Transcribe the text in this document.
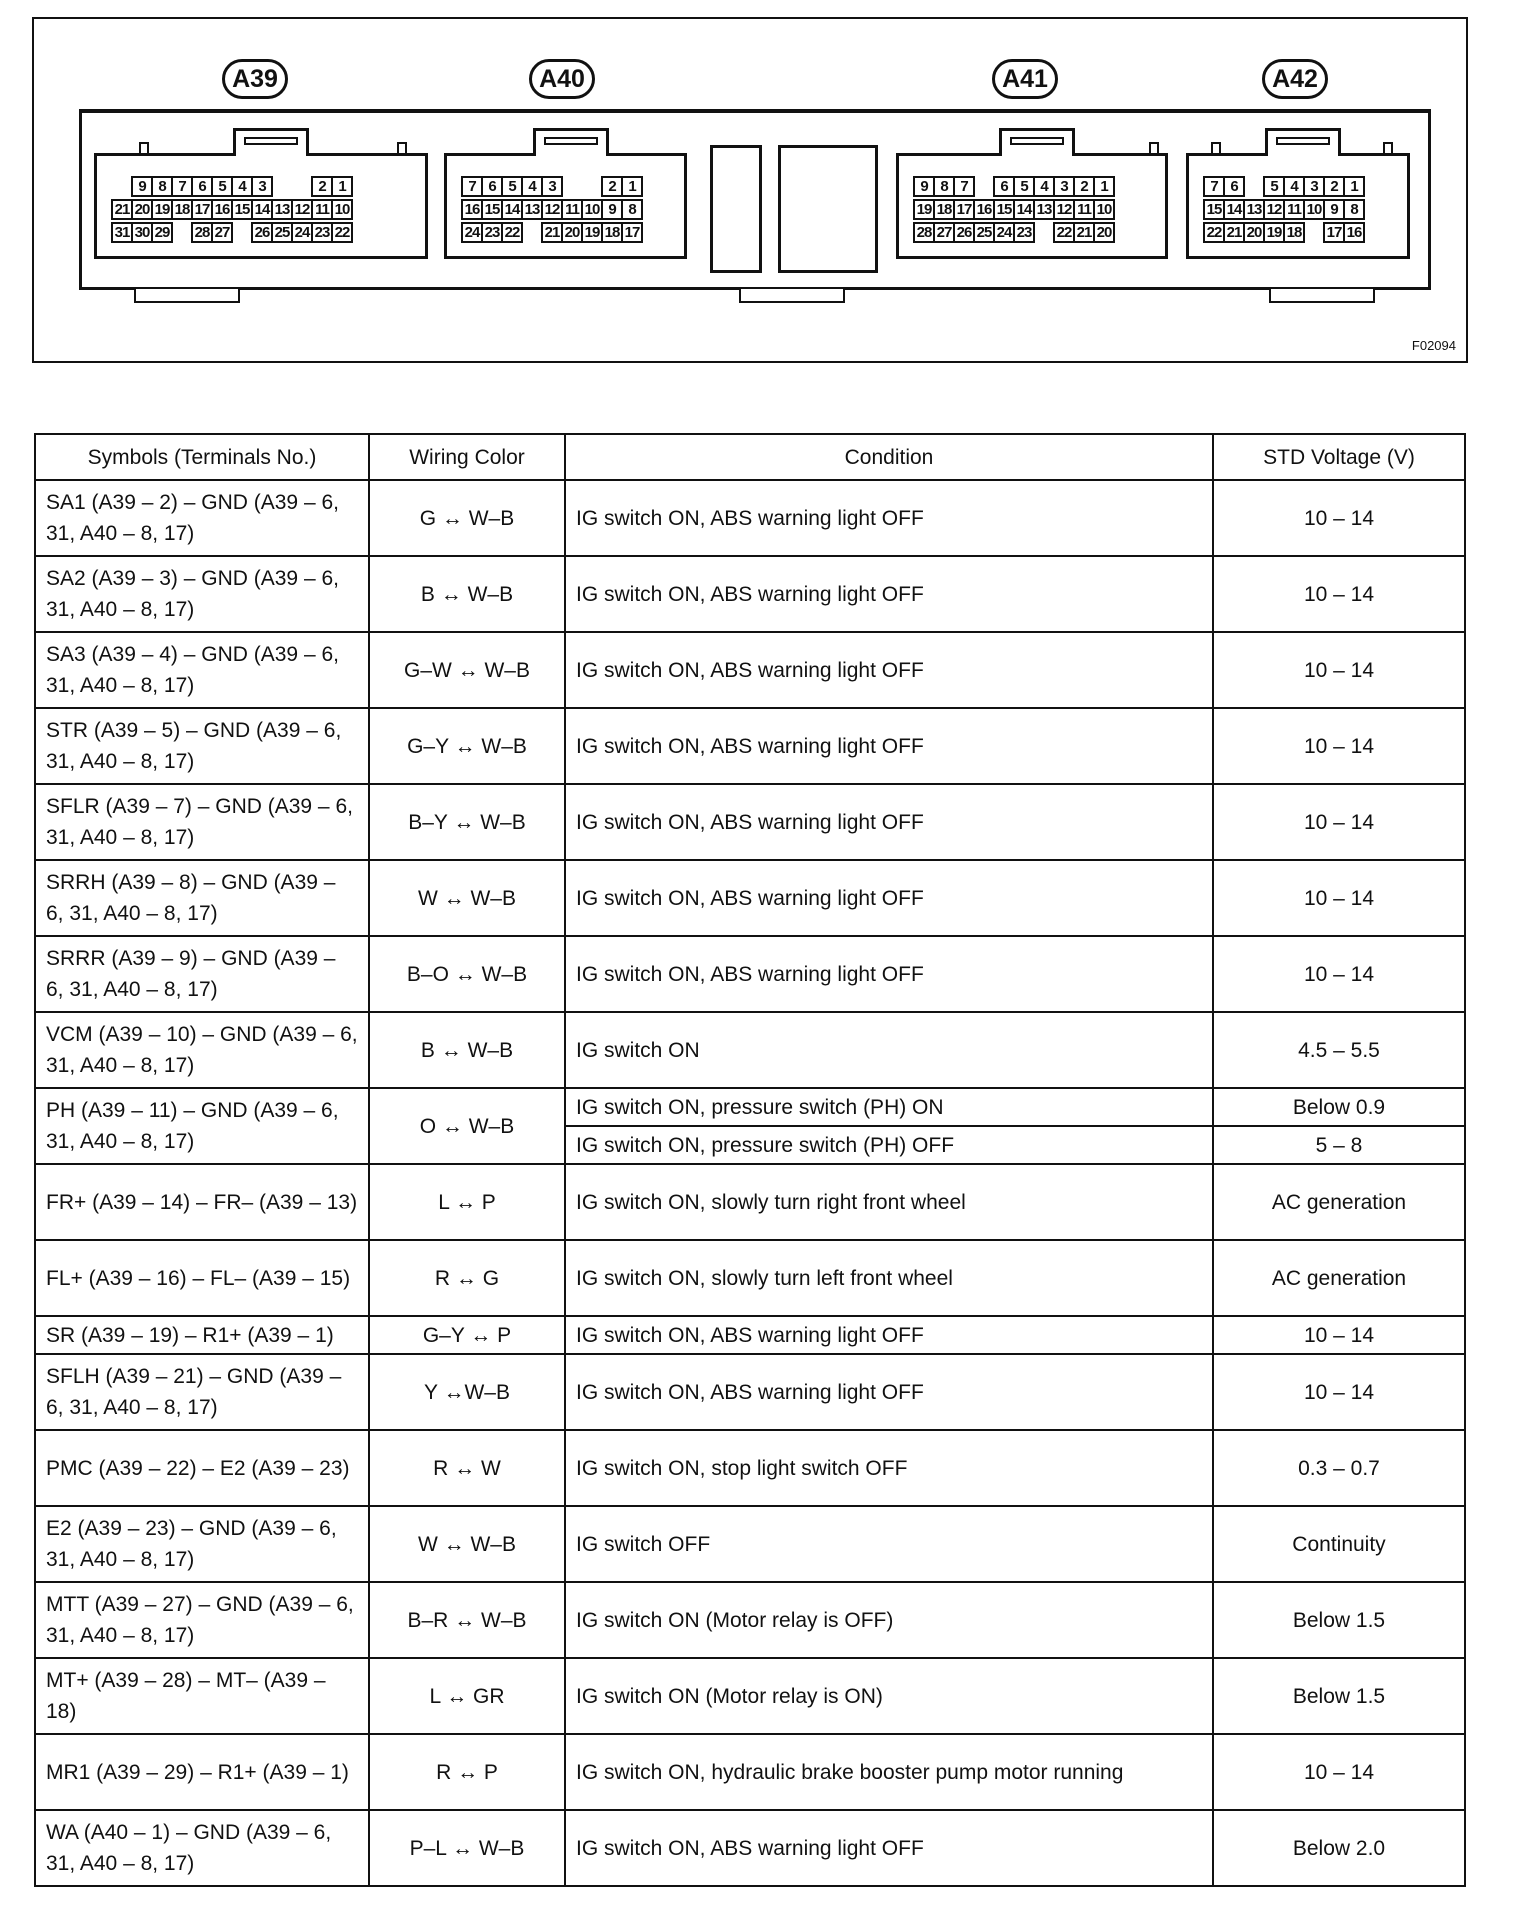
A39	A40	A41	A42
9 8 7 6 5 4 3	2 1
21 20 19 18 17 16 15 14 13 12 11 10
31 30 29 28 27 26 25 24 23 22
7 6 5 4 3	2 1
16 15 14 13 12 11 10 9 8
24 23 22 21 20 19 18 17
9 8 7	6 5 4 3 2 1
19 18 17 16 15 14 13 12 11 10
28 27 26 25 24 23 22 21 20
7 6	5 4 3 2 1
15 14 13 12 11 10 9 8
22 21 20 19 18 17 16
F02094
Symbols (Terminals No.)	Wiring Color	Condition	STD Voltage (V)
SA1 (A39 – 2) – GND (A39 – 6, 31, A40 – 8, 17)	G ↔ W–B	IG switch ON, ABS warning light OFF	10 – 14
SA2 (A39 – 3) – GND (A39 – 6, 31, A40 – 8, 17)	B ↔ W–B	IG switch ON, ABS warning light OFF	10 – 14
SA3 (A39 – 4) – GND (A39 – 6, 31, A40 – 8, 17)	G–W ↔ W–B	IG switch ON, ABS warning light OFF	10 – 14
STR (A39 – 5) – GND (A39 – 6, 31, A40 – 8, 17)	G–Y ↔ W–B	IG switch ON, ABS warning light OFF	10 – 14
SFLR (A39 – 7) – GND (A39 – 6, 31, A40 – 8, 17)	B–Y ↔ W–B	IG switch ON, ABS warning light OFF	10 – 14
SRRH (A39 – 8) – GND (A39 – 6, 31, A40 – 8, 17)	W ↔ W–B	IG switch ON, ABS warning light OFF	10 – 14
SRRR (A39 – 9) – GND (A39 – 6, 31, A40 – 8, 17)	B–O ↔ W–B	IG switch ON, ABS warning light OFF	10 – 14
VCM (A39 – 10) – GND (A39 – 6, 31, A40 – 8, 17)	B ↔ W–B	IG switch ON	4.5 – 5.5
PH (A39 – 11) – GND (A39 – 6, 31, A40 – 8, 17)	O ↔ W–B	IG switch ON, pressure switch (PH) ON	Below 0.9
		IG switch ON, pressure switch (PH) OFF	5 – 8
FR+ (A39 – 14) – FR– (A39 – 13)	L ↔ P	IG switch ON, slowly turn right front wheel	AC generation
FL+ (A39 – 16) – FL– (A39 – 15)	R ↔ G	IG switch ON, slowly turn left front wheel	AC generation
SR (A39 – 19) – R1+ (A39 – 1)	G–Y ↔ P	IG switch ON, ABS warning light OFF	10 – 14
SFLH (A39 – 21) – GND (A39 – 6, 31, A40 – 8, 17)	Y ↔W–B	IG switch ON, ABS warning light OFF	10 – 14
PMC (A39 – 22) – E2 (A39 – 23)	R ↔ W	IG switch ON, stop light switch OFF	0.3 – 0.7
E2 (A39 – 23) – GND (A39 – 6, 31, A40 – 8, 17)	W ↔ W–B	IG switch OFF	Continuity
MTT (A39 – 27) – GND (A39 – 6, 31, A40 – 8, 17)	B–R ↔ W–B	IG switch ON (Motor relay is OFF)	Below 1.5
MT+ (A39 – 28) – MT– (A39 – 18)	L ↔ GR	IG switch ON (Motor relay is ON)	Below 1.5
MR1 (A39 – 29) – R1+ (A39 – 1)	R ↔ P	IG switch ON, hydraulic brake booster pump motor running	10 – 14
WA (A40 – 1) – GND (A39 – 6, 31, A40 – 8, 17)	P–L ↔ W–B	IG switch ON, ABS warning light OFF	Below 2.0
